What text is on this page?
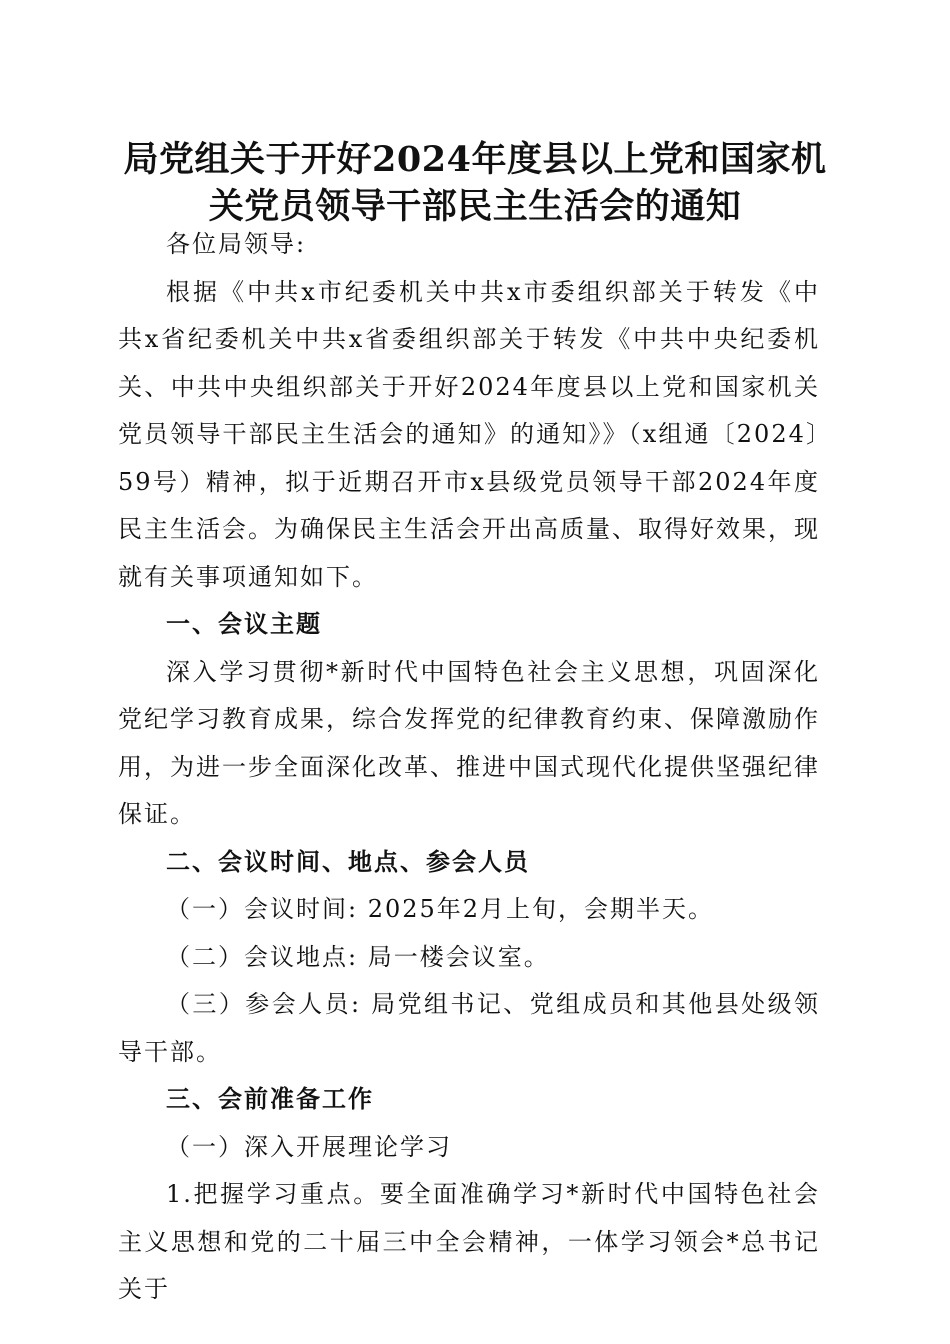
局党组关于开好2024年度县以上党和国家机
关党员领导干部民主生活会的通知

各位局领导:

根据《中共x市纪委机关中共x市委组织部关于转发《中共x省纪委机关中共x省委组织部关于转发《中共中央纪委机关、中共中央组织部关于开好2024年度县以上党和国家机关党员领导干部民主生活会的通知》的通知》》（x组通〔2024〕59号）精神，拟于近期召开市x县级党员领导干部2024年度民主生活会。为确保民主生活会开出高质量、取得好效果，现就有关事项通知如下。

一、会议主题

深入学习贯彻*新时代中国特色社会主义思想，巩固深化党纪学习教育成果，综合发挥党的纪律教育约束、保障激励作用，为进一步全面深化改革、推进中国式现代化提供坚强纪律保证。

二、会议时间、地点、参会人员

（一）会议时间: 2025年2月上旬，会期半天。

（二）会议地点: 局一楼会议室。

（三）参会人员: 局党组书记、党组成员和其他县处级领导干部。

三、会前准备工作

（一）深入开展理论学习

1.把握学习重点。要全面准确学习*新时代中国特色社会主义思想和党的二十届三中全会精神，一体学习领会*总书记关于
